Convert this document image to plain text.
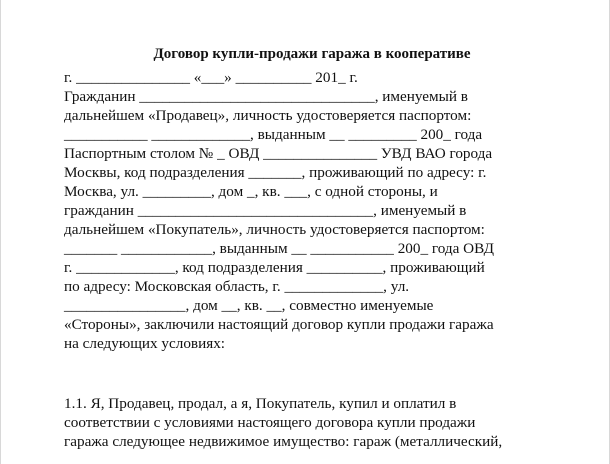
Договор купли-продажи гаража в кооперативе
г. _______________ «___» __________ 201_ г.
Гражданин _______________________________, именуемый в
дальнейшем «Продавец», личность удостоверяется паспортом:
___________ _____________, выданным __ _________ 200_ года
Паспортным столом № _ ОВД _______________ УВД ВАО города
Москвы, код подразделения _______, проживающий по адресу: г.
Москва, ул. _________, дом _, кв. ___, с одной стороны, и
гражданин _______________________________, именуемый в
дальнейшем «Покупатель», личность удостоверяется паспортом:
_______ ____________, выданным __ ___________ 200_ года ОВД
г. _____________, код подразделения __________, проживающий
по адресу: Московская область, г. _____________, ул.
________________, дом __, кв. __, совместно именуемые
«Стороны», заключили настоящий договор купли продажи гаража
на следующих условиях:
1.1. Я, Продавец, продал, а я, Покупатель, купил и оплатил в
соответствии с условиями настоящего договора купли продажи
гаража следующее недвижимое имущество: гараж (металлический,
